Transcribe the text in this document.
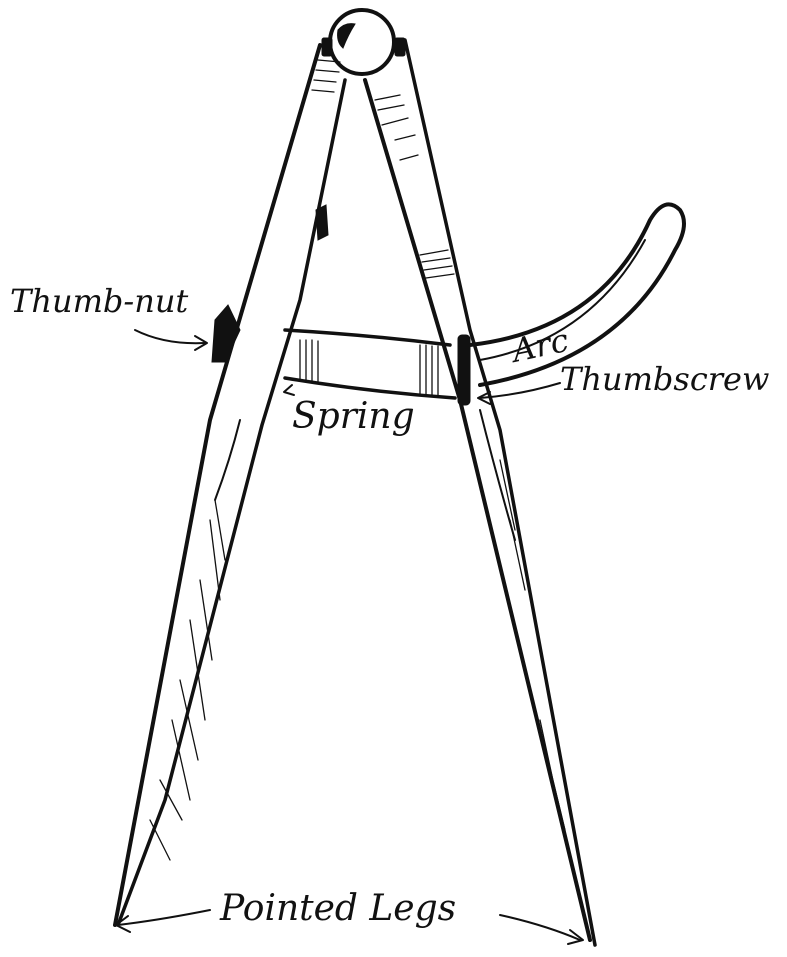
Thumb-nut
Arc
Thumbscrew
Spring
Pointed Legs
